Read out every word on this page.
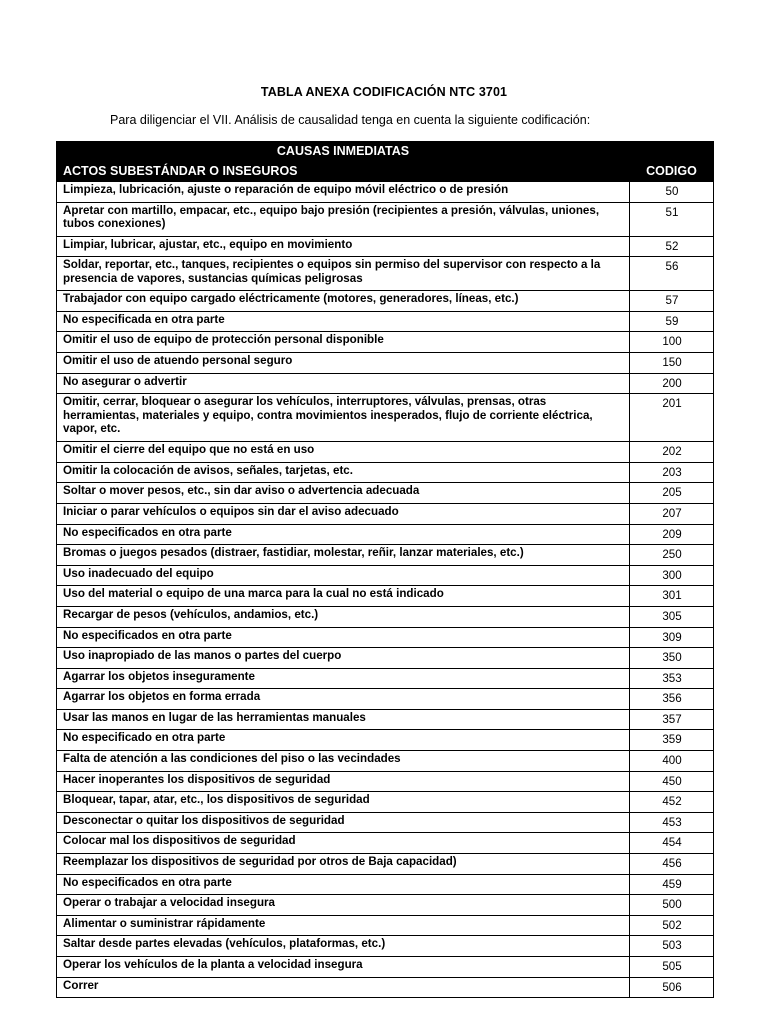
TABLA ANEXA CODIFICACIÓN NTC 3701
Para diligenciar el VII. Análisis de causalidad tenga en cuenta la siguiente codificación:
CAUSAS INMEDIATAS	
ACTOS SUBESTÁNDAR O INSEGUROS	CODIGO
Limpieza, lubricación, ajuste o reparación de equipo móvil eléctrico o de presión	50
Apretar con martillo, empacar, etc., equipo bajo presión (recipientes a presión, válvulas, uniones, tubos conexiones)	51
Limpiar, lubricar, ajustar, etc., equipo en movimiento	52
Soldar, reportar, etc., tanques, recipientes o equipos sin permiso del supervisor con respecto a la presencia de vapores, sustancias químicas peligrosas	56
Trabajador con equipo cargado eléctricamente (motores, generadores, líneas, etc.)	57
No especificada en otra parte	59
Omitir el uso de equipo de protección personal disponible	100
Omitir el uso de atuendo personal seguro	150
No asegurar o advertir	200
Omitir, cerrar, bloquear o asegurar los vehículos, interruptores, válvulas, prensas, otras herramientas, materiales y equipo, contra movimientos inesperados, flujo de corriente eléctrica, vapor, etc.	201
Omitir el cierre del equipo que no está en uso	202
Omitir la colocación de avisos, señales, tarjetas, etc.	203
Soltar o mover pesos, etc., sin dar aviso o advertencia adecuada	205
Iniciar o parar vehículos o equipos sin dar el aviso adecuado	207
No especificados en otra parte	209
Bromas o juegos pesados (distraer, fastidiar, molestar, reñir, lanzar materiales, etc.)	250
Uso inadecuado del equipo	300
Uso del material o equipo de una marca para la cual no está indicado	301
Recargar de pesos (vehículos, andamios, etc.)	305
No especificados en otra parte	309
Uso inapropiado de las manos o partes del cuerpo	350
Agarrar los objetos inseguramente	353
Agarrar los objetos en forma errada	356
Usar las manos en lugar de las herramientas manuales	357
No especificado en otra parte	359
Falta de atención a las condiciones del piso o las vecindades	400
Hacer inoperantes los dispositivos de seguridad	450
Bloquear, tapar, atar, etc., los dispositivos de seguridad	452
Desconectar o quitar los dispositivos de seguridad	453
Colocar mal los dispositivos de seguridad	454
Reemplazar los dispositivos de seguridad por otros de Baja capacidad)	456
No especificados en otra parte	459
Operar o trabajar a velocidad insegura	500
Alimentar o suministrar rápidamente	502
Saltar desde partes elevadas (vehículos, plataformas, etc.)	503
Operar los vehículos de la planta a velocidad insegura	505
Correr	506
